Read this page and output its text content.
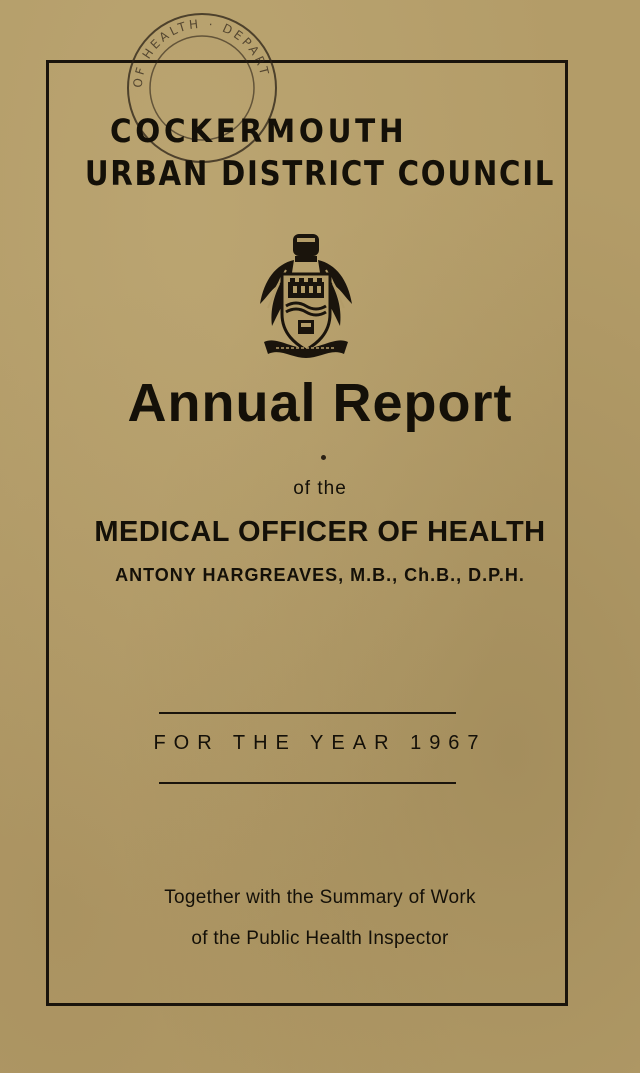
OF HEALTH · DEPART
COCKERMOUTH
URBAN DISTRICT COUNCIL
Annual Report
of the
MEDICAL OFFICER OF HEALTH
ANTONY HARGREAVES, M.B., Ch.B., D.P.H.
FOR THE YEAR 1967
Together with the Summary of Work
of the Public Health Inspector
